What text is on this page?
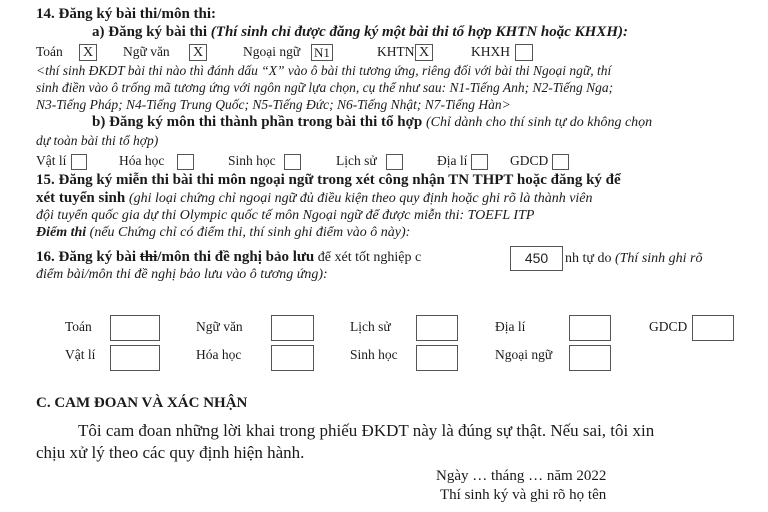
14. Đăng ký bài thi/môn thi:
a) Đăng ký bài thi (Thí sinh chỉ được đăng ký một bài thi tổ hợp KHTN hoặc KHXH):
Toán X Ngữ văn X	Ngoại ngữ N1	KHTN X	KHXH
<thí sinh ĐKDT bài thi nào thì đánh dấu “X” vào ô bài thi tương ứng, riêng đối với bài thi Ngoại ngữ, thí
sinh điền vào ô trống mã tương ứng với ngôn ngữ lựa chọn, cụ thể như sau: N1-Tiếng Anh; N2-Tiếng Nga;
N3-Tiếng Pháp; N4-Tiếng Trung Quốc; N5-Tiếng Đức; N6-Tiếng Nhật; N7-Tiếng Hàn>
b) Đăng ký môn thi thành phần trong bài thi tổ hợp (Chỉ dành cho thí sinh tự do không chọn
dự toàn bài thi tổ hợp)
Vật lí	Hóa học	Sinh học	Lịch sử	Địa lí	GDCD
15. Đăng ký miễn thi bài thi môn ngoại ngữ trong xét công nhận TN THPT hoặc đăng ký để
xét tuyển sinh (ghi loại chứng chỉ ngoại ngữ đủ điều kiện theo quy định hoặc ghi rõ là thành viên
đội tuyển quốc gia dự thi Olympic quốc tế môn Ngoại ngữ để được miễn thi: TOEFL ITP
Điểm thi (nếu Chứng chỉ có điểm thi, thí sinh ghi điểm vào ô này):
450
16. Đăng ký bài thi/môn thi đề nghị bảo lưu để xét tốt nghiệp c	nh tự do (Thí sinh ghi rõ
điểm bài/môn thi đề nghị bảo lưu vào ô tương ứng):
Toán	Ngữ văn	Lịch sử	Địa lí	GDCD
Vật lí	Hóa học	Sinh học	Ngoại ngữ
C. CAM ĐOAN VÀ XÁC NHẬN
Tôi cam đoan những lời khai trong phiếu ĐKDT này là đúng sự thật. Nếu sai, tôi xin
chịu xử lý theo các quy định hiện hành.
Ngày … tháng … năm 2022
Thí sinh ký và ghi rõ họ tên
